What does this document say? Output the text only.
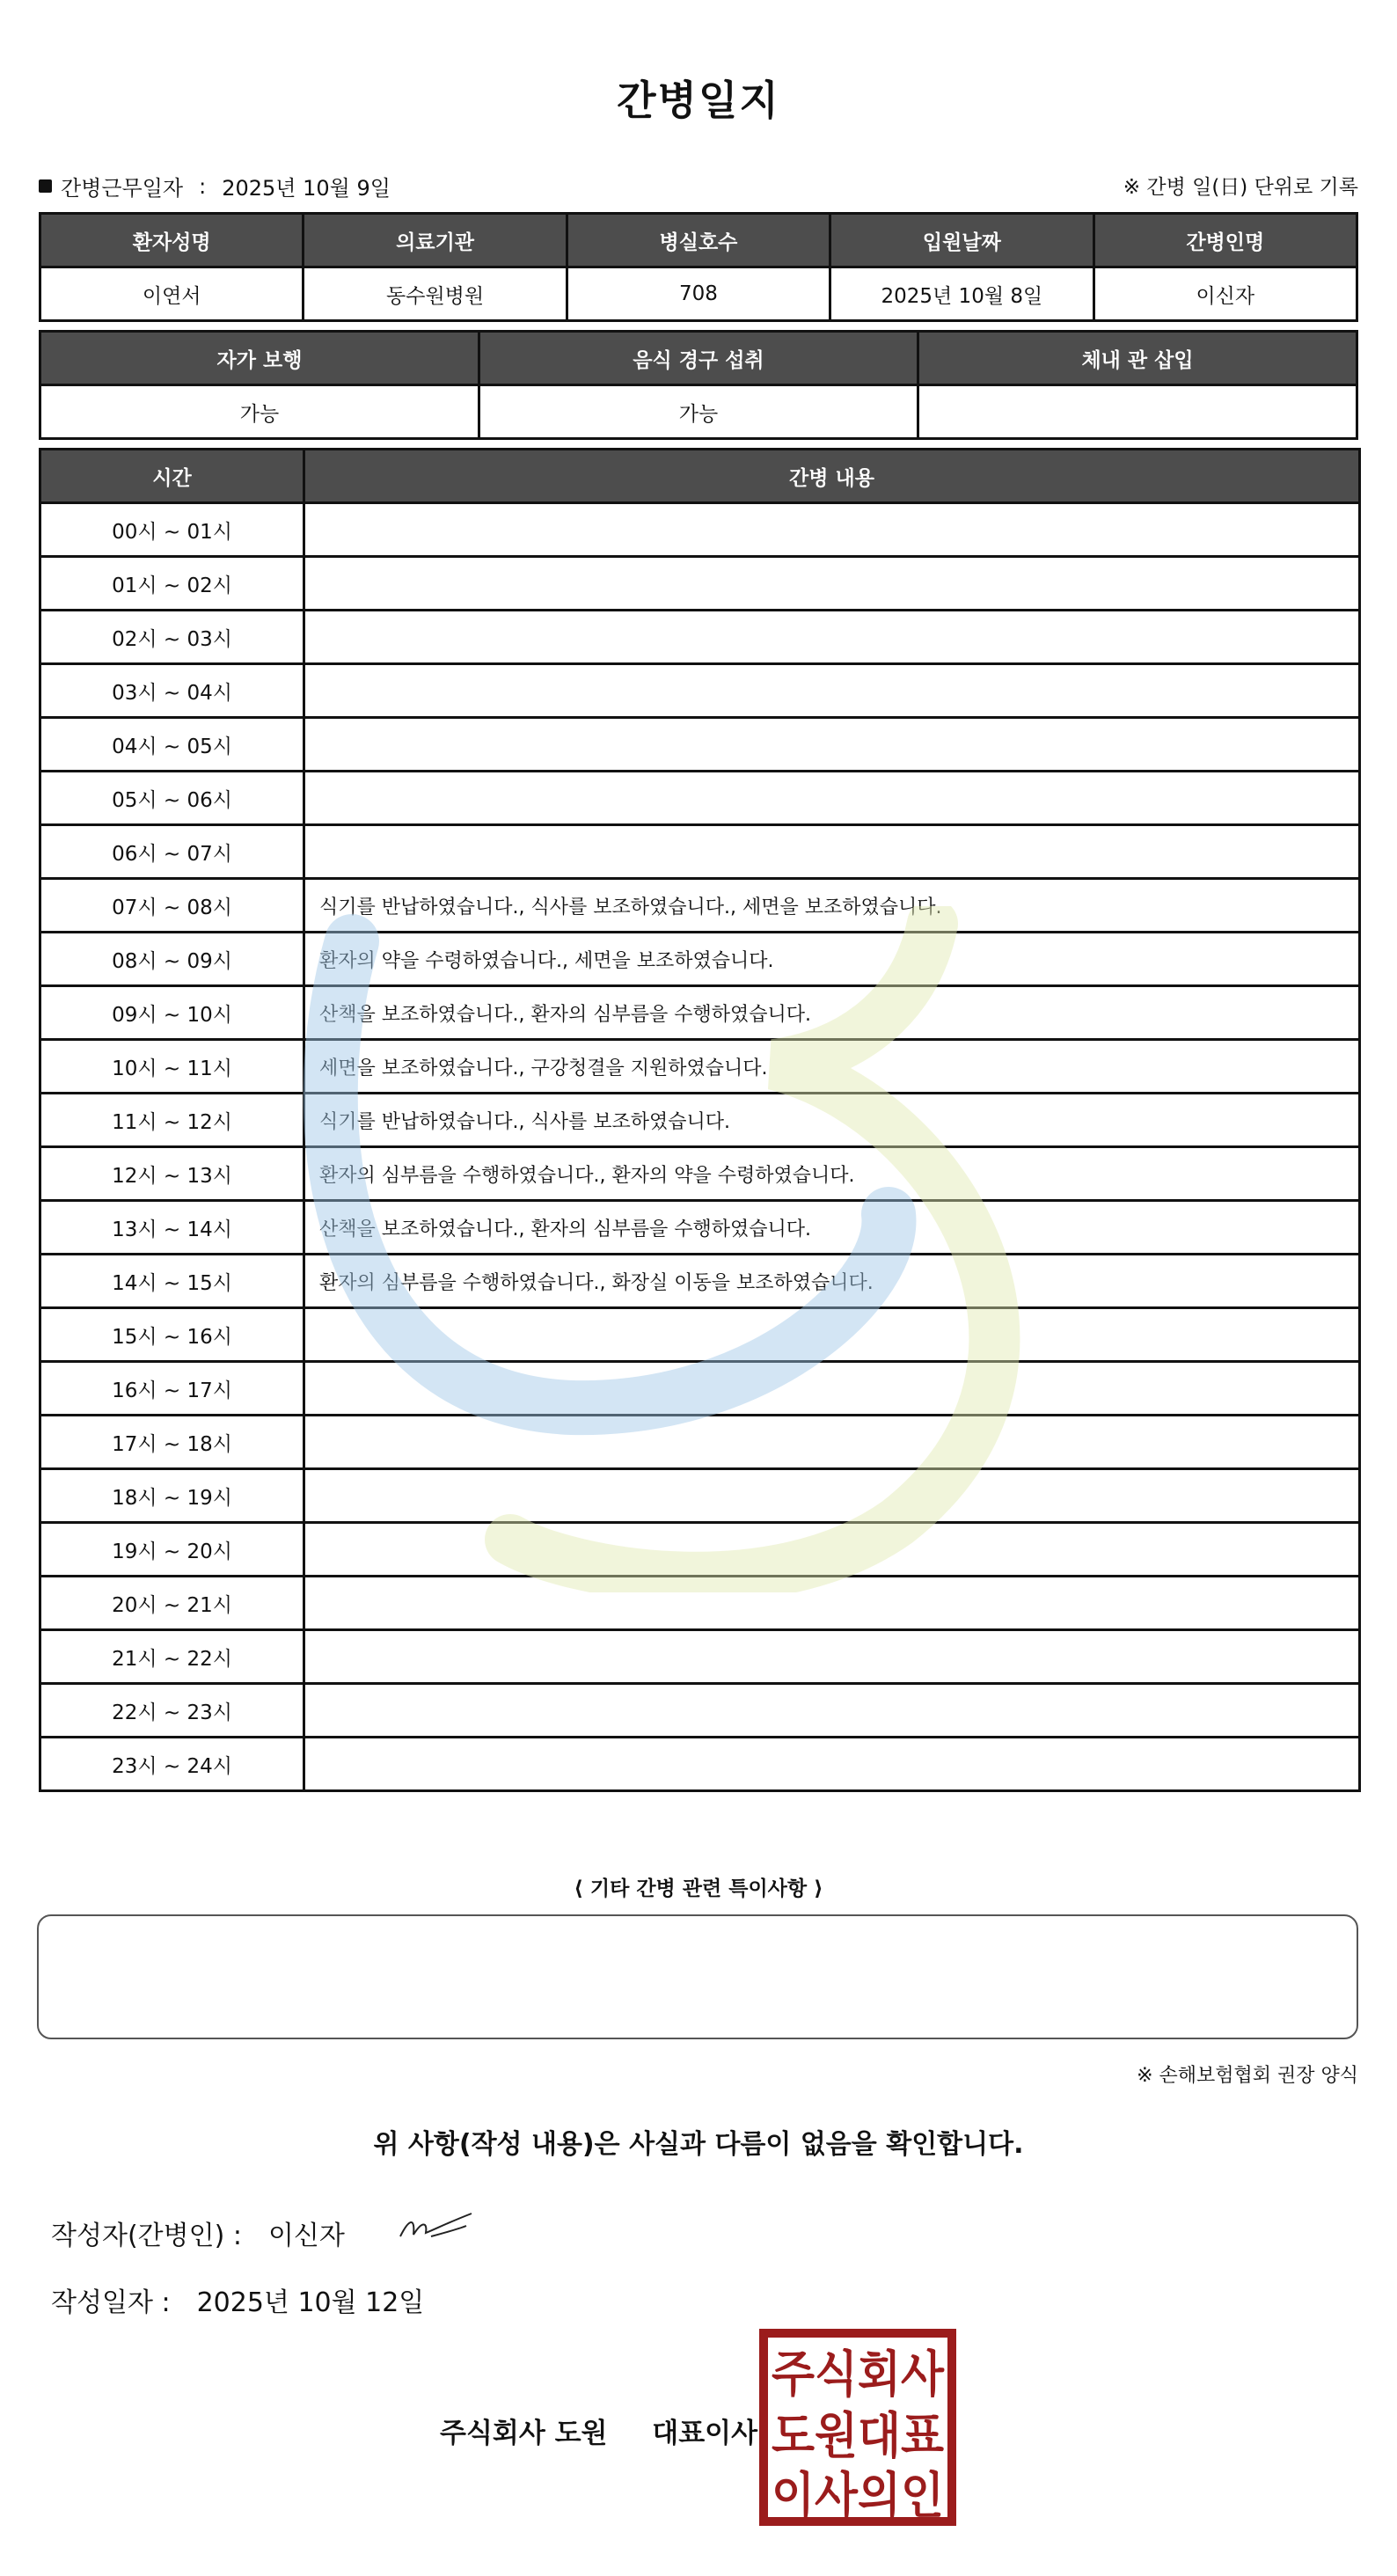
간병일지
간병근무일자 : 2025년 10월 9일	※ 간병 일(日) 단위로 기록
환자성명	의료기관	병실호수	입원날짜	간병인명
이연서	동수원병원	708	2025년 10월 8일	이신자
자가 보행	음식 경구 섭취	체내 관 삽입
가능	가능	
시간	간병 내용
00시 ~ 01시	
01시 ~ 02시	
02시 ~ 03시	
03시 ~ 04시	
04시 ~ 05시	
05시 ~ 06시	
06시 ~ 07시	
07시 ~ 08시	식기를 반납하였습니다., 식사를 보조하였습니다., 세면을 보조하였습니다.
08시 ~ 09시	환자의 약을 수령하였습니다., 세면을 보조하였습니다.
09시 ~ 10시	산책을 보조하였습니다., 환자의 심부름을 수행하였습니다.
10시 ~ 11시	세면을 보조하였습니다., 구강청결을 지원하였습니다.
11시 ~ 12시	식기를 반납하였습니다., 식사를 보조하였습니다.
12시 ~ 13시	환자의 심부름을 수행하였습니다., 환자의 약을 수령하였습니다.
13시 ~ 14시	산책을 보조하였습니다., 환자의 심부름을 수행하였습니다.
14시 ~ 15시	환자의 심부름을 수행하였습니다., 화장실 이동을 보조하였습니다.
15시 ~ 16시	
16시 ~ 17시	
17시 ~ 18시	
18시 ~ 19시	
19시 ~ 20시	
20시 ~ 21시	
21시 ~ 22시	
22시 ~ 23시	
23시 ~ 24시	
⟨ 기타 간병 관련 특이사항 ⟩
※ 손해보험협회 권장 양식
위 사항(작성 내용)은 사실과 다름이 없음을 확인합니다.
작성자(간병인) : 이신자
작성일자 : 2025년 10월 12일
주식회사 도원 대표이사
주식회사
도원대표
이사의인
